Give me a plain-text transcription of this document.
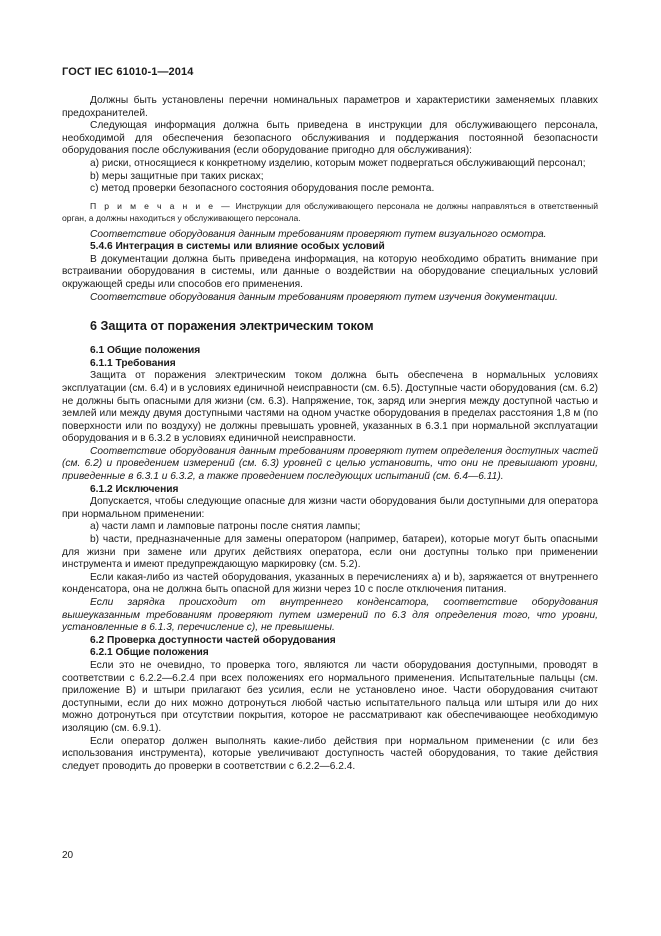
ГОСТ IEC 61010-1—2014

Должны быть установлены перечни номинальных параметров и характеристики заменяемых плавких предохранителей.

Следующая информация должна быть приведена в инструкции для обслуживающего персонала, необходимой для обеспечения безопасного обслуживания и поддержания постоянной безопасности оборудования после обслуживания (если оборудование пригодно для обслуживания):

a) риски, относящиеся к конкретному изделию, которым может подвергаться обслуживающий персонал;

b) меры защитные при таких рисках;

c) метод проверки безопасного состояния оборудования после ремонта.

П р и м е ч а н и е — Инструкции для обслуживающего персонала не должны направляться в ответственный орган, а должны находиться у обслуживающего персонала.

Соответствие оборудования данным требованиям проверяют путем визуального осмотра.

5.4.6 Интеграция в системы или влияние особых условий

В документации должна быть приведена информация, на которую необходимо обратить внимание при встраивании оборудования в системы, или данные о воздействии на оборудование специальных условий окружающей среды или способов его применения.

Соответствие оборудования данным требованиям проверяют путем изучения документации.

6 Защита от поражения электрическим током

6.1 Общие положения

6.1.1 Требования

Защита от поражения электрическим током должна быть обеспечена в нормальных условиях эксплуатации (см. 6.4) и в условиях единичной неисправности (см. 6.5). Доступные части оборудования (см. 6.2) не должны быть опасными для жизни (см. 6.3). Напряжение, ток, заряд или энергия между доступной частью и землей или между двумя доступными частями на одном участке оборудования в пределах расстояния 1,8 м (по поверхности или по воздуху) не должны превышать уровней, указанных в 6.3.1 при нормальной эксплуатации оборудования и в 6.3.2 в условиях единичной неисправности.

Соответствие оборудования данным требованиям проверяют путем определения доступных частей (см. 6.2) и проведением измерений (см. 6.3) уровней с целью установить, что они не превышают уровни, приведенные в 6.3.1 и 6.3.2, а также проведением последующих испытаний (см. 6.4—6.11).

6.1.2 Исключения

Допускается, чтобы следующие опасные для жизни части оборудования были доступными для оператора при нормальном применении:

a) части ламп и ламповые патроны после снятия лампы;

b) части, предназначенные для замены оператором (например, батареи), которые могут быть опасными для жизни при замене или других действиях оператора, если они доступны только при применении инструмента и имеют предупреждающую маркировку (см. 5.2).

Если какая-либо из частей оборудования, указанных в перечислениях a) и b), заряжается от внутреннего конденсатора, она не должна быть опасной для жизни через 10 с после отключения питания.

Если зарядка происходит от внутреннего конденсатора, соответствие оборудования вышеуказанным требованиям проверяют путем измерений по 6.3 для определения того, что уровни, установленные в 6.1.3, перечисление c), не превышены.

6.2 Проверка доступности частей оборудования

6.2.1 Общие положения

Если это не очевидно, то проверка того, являются ли части оборудования доступными, проводят в соответствии с 6.2.2—6.2.4 при всех положениях его нормального применения. Испытательные пальцы (см. приложение B) и штыри прилагают без усилия, если не установлено иное. Части оборудования считают доступными, если до них можно дотронуться любой частью испытательного пальца или штыря или до них можно дотронуться при отсутствии покрытия, которое не рассматривают как обеспечивающее необходимую изоляцию (см. 6.9.1).

Если оператор должен выполнять какие-либо действия при нормальном применении (с или без использования инструмента), которые увеличивают доступность частей оборудования, то такие действия следует проводить до проверки в соответствии с 6.2.2—6.2.4.

20
